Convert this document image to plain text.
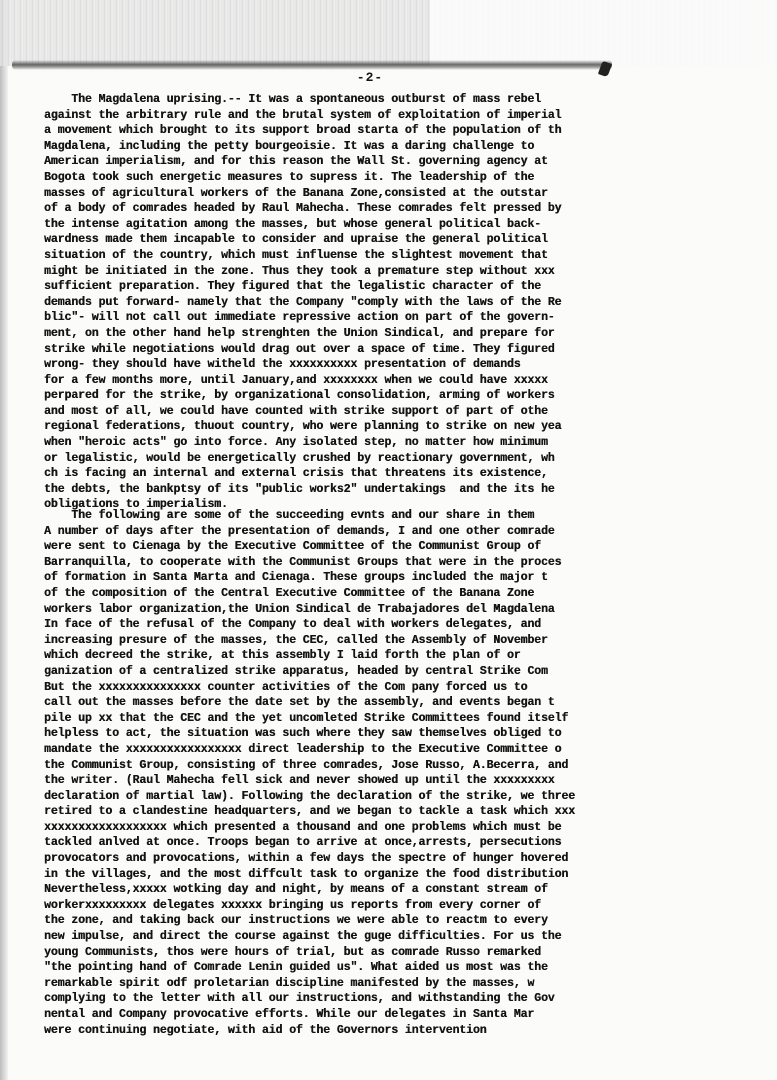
-2-
The Magdalena uprising.-- It was a spontaneous outburst of mass rebel
against the arbitrary rule and the brutal system of exploitation of imperial
a movement which brought to its support broad starta of the population of th
Magdalena, including the petty bourgeoisie. It was a daring challenge to
American imperialism, and for this reason the Wall St. governing agency at
Bogota took such energetic measures to supress it. The leadership of the
masses of agricultural workers of the Banana Zone,consisted at the outstar
of a body of comrades headed by Raul Mahecha. These comrades felt pressed by
the intense agitation among the masses, but whose general political back-
wardness made them incapable to consider and upraise the general political
situation of the country, which must influense the slightest movement that
might be initiated in the zone. Thus they took a premature step without xxx
sufficient preparation. They figured that the legalistic character of the
demands put forward- namely that the Company "comply with the laws of the Re
blic"- will not call out immediate repressive action on part of the govern-
ment, on the other hand help strenghten the Union Sindical, and prepare for
strike while negotiations would drag out over a space of time. They figured
wrong- they should have witheld the xxxxxxxxxx presentation of demands
for a few months more, until January,and xxxxxxxx when we could have xxxxx
perpared for the strike, by organizational consolidation, arming of workers
and most of all, we could have counted with strike support of part of othe
regional federations, thuout country, who were planning to strike on new yea
when "heroic acts" go into force. Any isolated step, no matter how minimum
or legalistic, would be energetically crushed by reactionary government, wh
ch is facing an internal and external crisis that threatens its existence,
the debts, the bankptsy of its "public works2" undertakings  and the its he
obligations to imperialism.
The following are some of the succeeding evnts and our share in them
A number of days after the presentation of demands, I and one other comrade
were sent to Cienaga by the Executive Committee of the Communist Group of
Barranquilla, to cooperate with the Communist Groups that were in the proces
of formation in Santa Marta and Cienaga. These groups included the major t
of the composition of the Central Executive Committee of the Banana Zone
workers labor organization,the Union Sindical de Trabajadores del Magdalena
In face of the refusal of the Company to deal with workers delegates, and
increasing presure of the masses, the CEC, called the Assembly of November
which decreed the strike, at this assembly I laid forth the plan of or
ganization of a centralized strike apparatus, headed by central Strike Com
But the xxxxxxxxxxxxxxx counter activities of the Com pany forced us to
call out the masses before the date set by the assembly, and events began t
pile up xx that the CEC and the yet uncomleted Strike Committees found itself
helpless to act, the situation was such where they saw themselves obliged to
mandate the xxxxxxxxxxxxxxxxx direct leadership to the Executive Committee o
the Communist Group, consisting of three comrades, Jose Russo, A.Becerra, and
the writer. (Raul Mahecha fell sick and never showed up until the xxxxxxxxx
declaration of martial law). Following the declaration of the strike, we three
retired to a clandestine headquarters, and we began to tackle a task which xxx
xxxxxxxxxxxxxxxxxx which presented a thousand and one problems which must be
tackled anlved at once. Troops began to arrive at once,arrests, persecutions
provocators and provocations, within a few days the spectre of hunger hovered
in the villages, and the most diffcult task to organize the food distribution
Nevertheless,xxxxx wotking day and night, by means of a constant stream of
workerxxxxxxxxx delegates xxxxxx bringing us reports from every corner of
the zone, and taking back our instructions we were able to reactm to every
new impulse, and direct the course against the guge difficulties. For us the
young Communists, thos were hours of trial, but as comrade Russo remarked
"the pointing hand of Comrade Lenin guided us". What aided us most was the
remarkable spirit odf proletarian discipline manifested by the masses, w
complying to the letter with all our instructions, and withstanding the Gov
nental and Company provocative efforts. While our delegates in Santa Mar
were continuing negotiate, with aid of the Governors intervention
